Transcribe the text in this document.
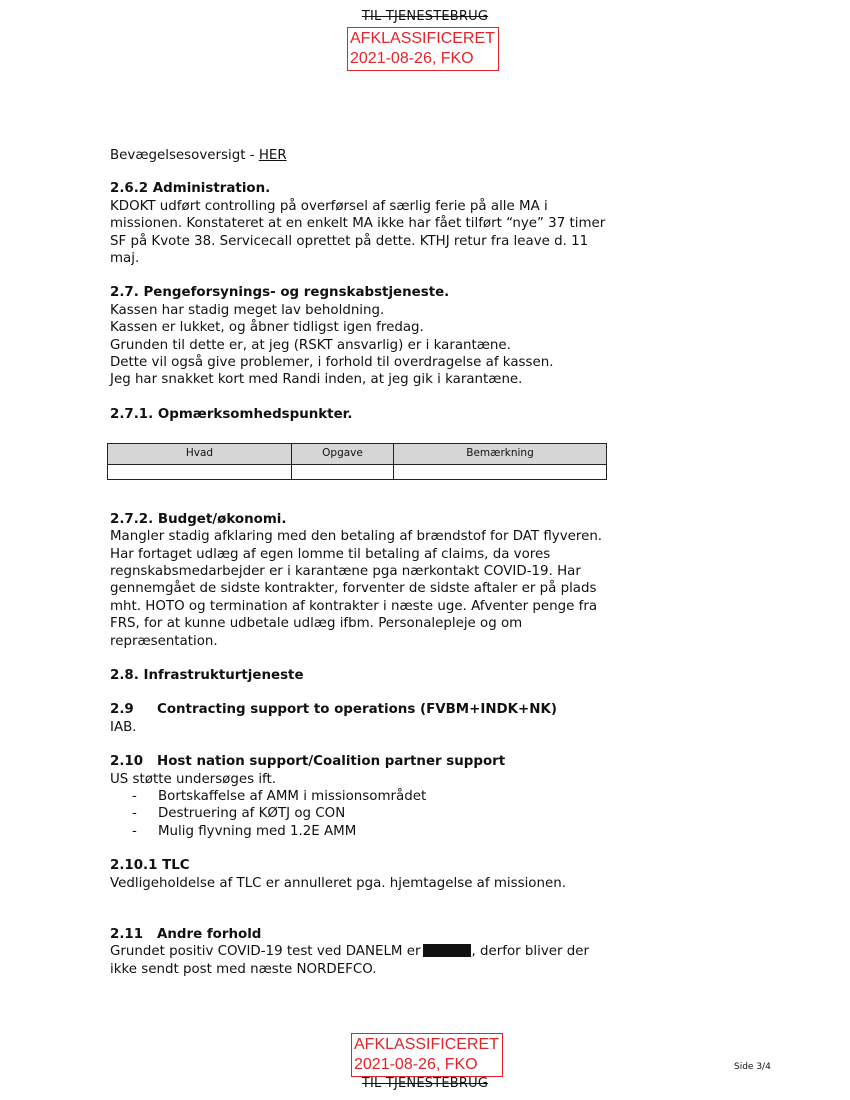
TIL TJENESTEBRUG
AFKLASSIFICERET
2021-08-26, FKO

Bevægelsesoversigt - HER

2.6.2 Administration.

KDOKT udført controlling på overførsel af særlig ferie på alle MA i missionen. Konstateret at en enkelt MA ikke har fået tilført “nye” 37 timer SF på Kvote 38. Servicecall oprettet på dette. KTHJ retur fra leave d. 11 maj.

2.7. Pengeforsynings- og regnskabstjeneste.

Kassen har stadig meget lav beholdning.
Kassen er lukket, og åbner tidligst igen fredag.
Grunden til dette er, at jeg (RSKT ansvarlig) er i karantæne.
Dette vil også give problemer, i forhold til overdragelse af kassen.
Jeg har snakket kort med Randi inden, at jeg gik i karantæne.

2.7.1. Opmærksomhedspunkter.

Hvad	Opgave	Bemærkning

2.7.2. Budget/økonomi.

Mangler stadig afklaring med den betaling af brændstof for DAT flyveren. Har fortaget udlæg af egen lomme til betaling af claims, da vores regnskabsmedarbejder er i karantæne pga nærkontakt COVID-19. Har gennemgået de sidste kontrakter, forventer de sidste aftaler er på plads mht. HOTO og termination af kontrakter i næste uge. Afventer penge fra FRS, for at kunne udbetale udlæg ifbm. Personalepleje og om repræsentation.

2.8. Infrastrukturtjeneste

2.9 Contracting support to operations (FVBM+INDK+NK)

IAB.

2.10 Host nation support/Coalition partner support

US støtte undersøges ift.

- Bortskaffelse af AMM i missionsområdet
- Destruering af KØTJ og CON
- Mulig flyvning med 1.2E AMM

2.10.1 TLC

Vedligeholdelse af TLC er annulleret pga. hjemtagelse af missionen.

2.11 Andre forhold

Grundet positiv COVID-19 test ved DANELM er	, derfor bliver der ikke sendt post med næste NORDEFCO.

AFKLASSIFICERET
2021-08-26, FKO
TIL TJENESTEBRUG
Side 3/4
